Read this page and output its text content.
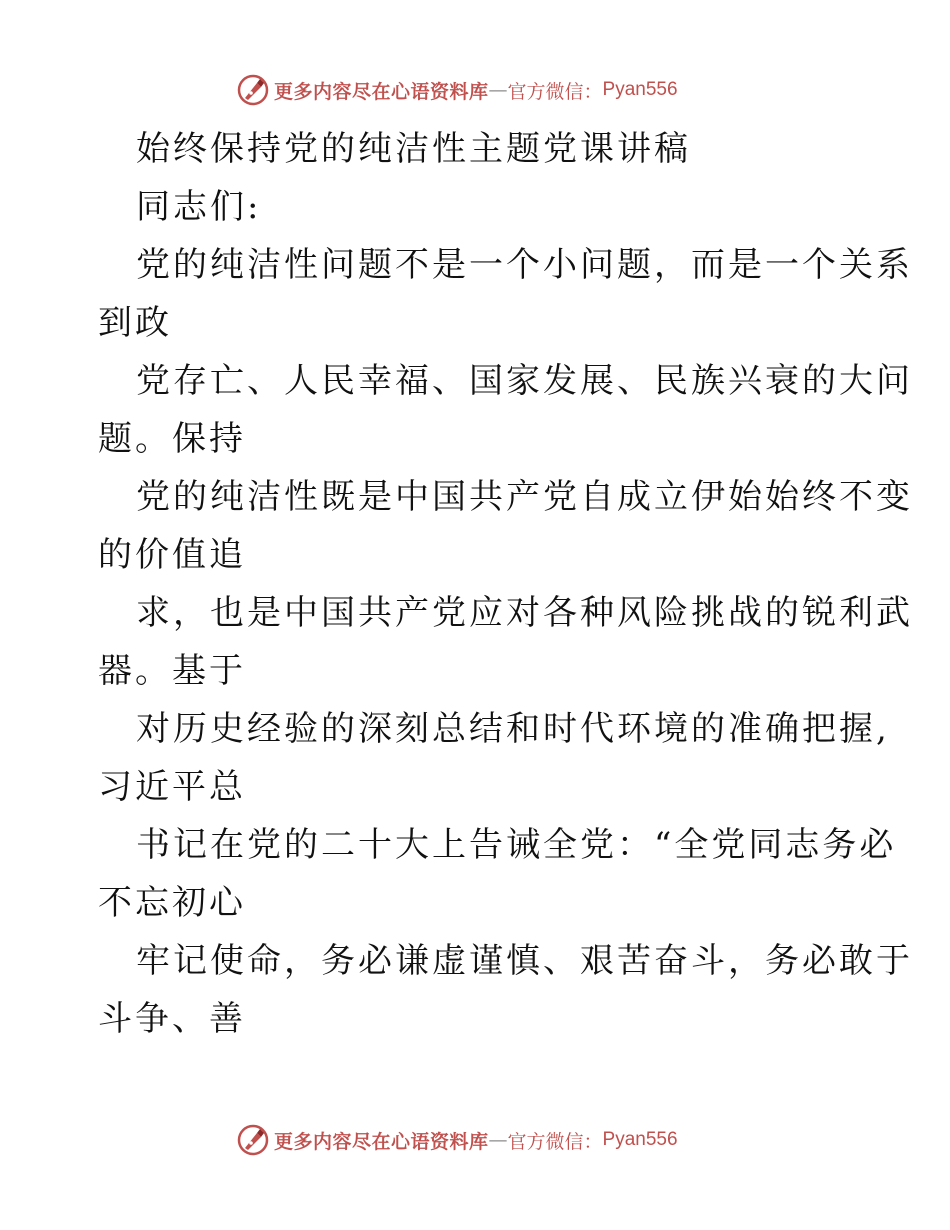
更多内容尽在心语资料库 — 官方微信： Pyan556
始终保持党的纯洁性主题党课讲稿
同志们:
党的纯洁性问题不是一个小问题，而是一个关系
到政
党存亡、人民幸福、国家发展、民族兴衰的大问
题。保持
党的纯洁性既是中国共产党自成立伊始始终不变
的价值追
求，也是中国共产党应对各种风险挑战的锐利武
器。基于
对历史经验的深刻总结和时代环境的准确把握,
习近平总
书记在党的二十大上告诫全党：“全党同志务必
不忘初心
牢记使命，务必谦虚谨慎、艰苦奋斗，务必敢于
斗争、善
更多内容尽在心语资料库 — 官方微信： Pyan556
